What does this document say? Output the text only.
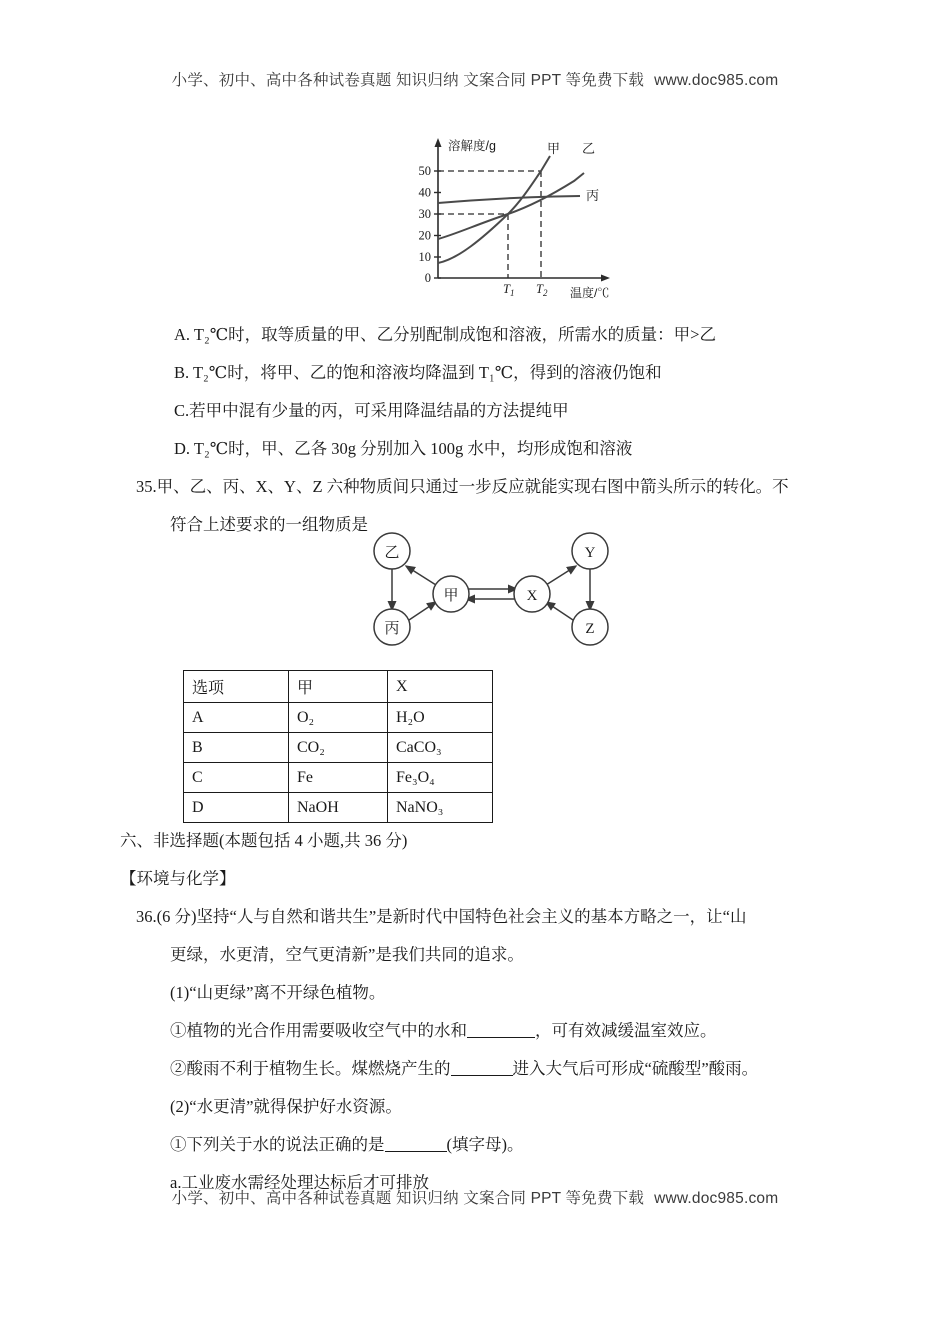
小学、初中、高中各种试卷真题 知识归纳 文案合同 PPT 等免费下载 www.doc985.com
0
10
20
30
40
50
溶解度/g	甲 乙
丙
$T_1$ $T_2$ 温度/℃
乙
甲
丙
X
Y
Z
选项	甲	X
A	O₂	H₂O
B	CO₂	CaCO₃
C	Fe	Fe₃O₄
D	NaOH	NaNO₃

A. T₂℃时，取等质量的甲、乙分别配制成饱和溶液，所需水的质量：甲>乙

B. T₂℃时，将甲、乙的饱和溶液均降温到 T₁℃，得到的溶液仍饱和

C.若甲中混有少量的丙，可采用降温结晶的方法提纯甲

D. T₂℃时，甲、乙各 30g 分别加入 100g 水中，均形成饱和溶液

35.甲、乙、丙、X、Y、Z 六种物质间只通过一步反应就能实现右图中箭头所示的转化。不

符合上述要求的一组物质是

六、非选择题(本题包括 4 小题,共 36 分)

【环境与化学】

36.(6 分)坚持“人与自然和谐共生”是新时代中国特色社会主义的基本方略之一，让“山

更绿，水更清，空气更清新”是我们共同的追求。

(1)“山更绿”离不开绿色植物。

①植物的光合作用需要吸收空气中的水和	，可有效减缓温室效应。

②酸雨不利于植物生长。煤燃烧产生的	进入大气后可形成“硫酸型”酸雨。

(2)“水更清”就得保护好水资源。

①下列关于水的说法正确的是	(填字母)。

a.工业废水需经处理达标后才可排放

小学、初中、高中各种试卷真题 知识归纳 文案合同 PPT 等免费下载 www.doc985.com
